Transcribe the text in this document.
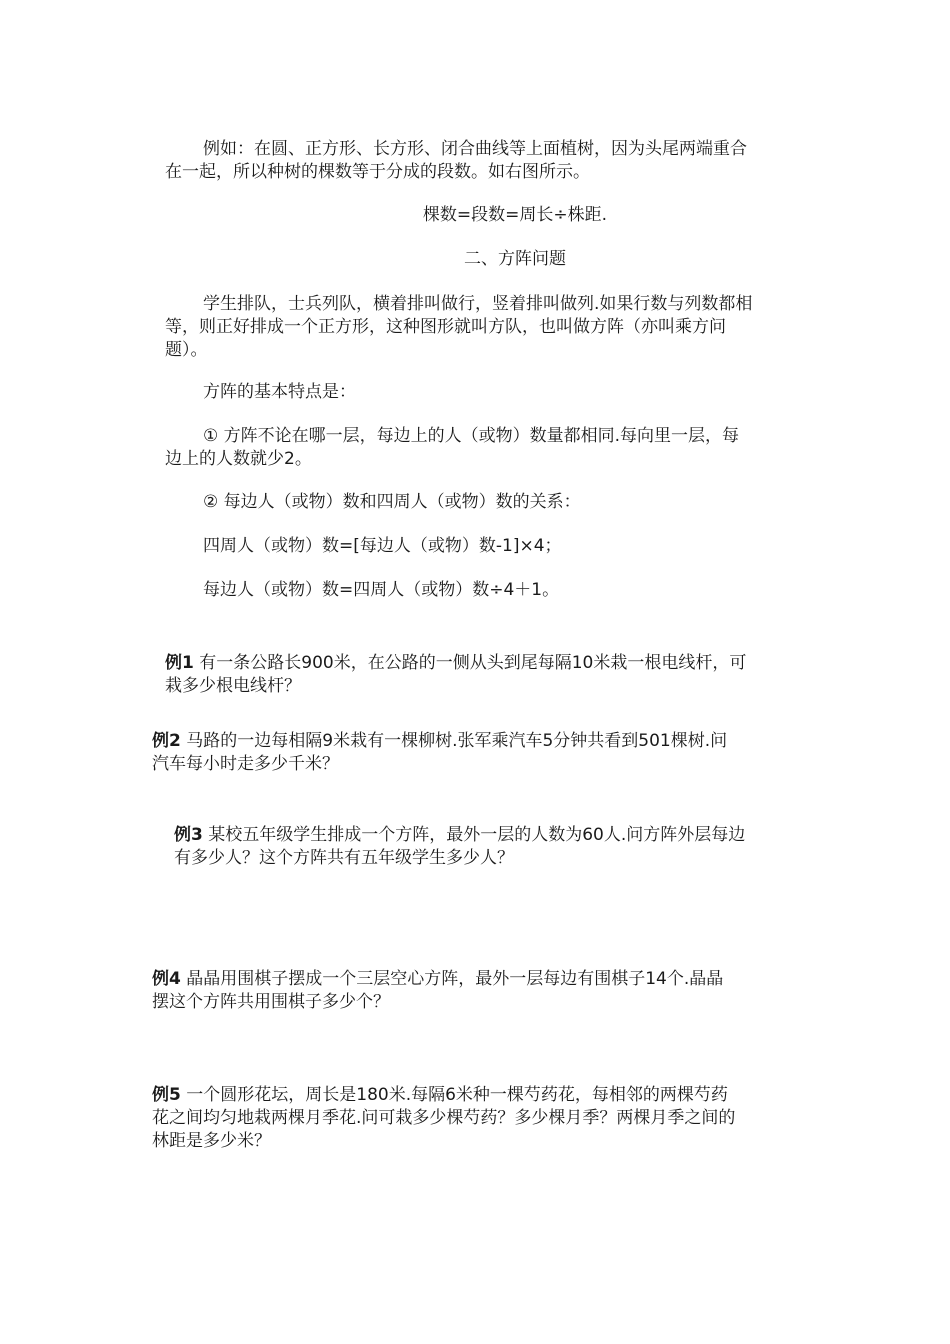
例如：在圆、正方形、长方形、闭合曲线等上面植树，因为头尾两端重合
在一起，所以种树的棵数等于分成的段数。如右图所示。
棵数=段数=周长÷株距.
二、方阵问题
学生排队，士兵列队，横着排叫做行，竖着排叫做列.如果行数与列数都相
等，则正好排成一个正方形，这种图形就叫方队，也叫做方阵（亦叫乘方问
题）。
方阵的基本特点是：
① 方阵不论在哪一层，每边上的人（或物）数量都相同.每向里一层，每
边上的人数就少2。
② 每边人（或物）数和四周人（或物）数的关系：
四周人（或物）数=[每边人（或物）数-1]×4；
每边人（或物）数=四周人（或物）数÷4＋1。
例1 有一条公路长900米，在公路的一侧从头到尾每隔10米栽一根电线杆，可
栽多少根电线杆？
例2 马路的一边每相隔9米栽有一棵柳树.张军乘汽车5分钟共看到501棵树.问
汽车每小时走多少千米？
例3 某校五年级学生排成一个方阵，最外一层的人数为60人.问方阵外层每边
有多少人？这个方阵共有五年级学生多少人？
例4 晶晶用围棋子摆成一个三层空心方阵，最外一层每边有围棋子14个.晶晶
摆这个方阵共用围棋子多少个？
例5 一个圆形花坛，周长是180米.每隔6米种一棵芍药花，每相邻的两棵芍药
花之间均匀地栽两棵月季花.问可栽多少棵芍药？多少棵月季？两棵月季之间的
林距是多少米？
